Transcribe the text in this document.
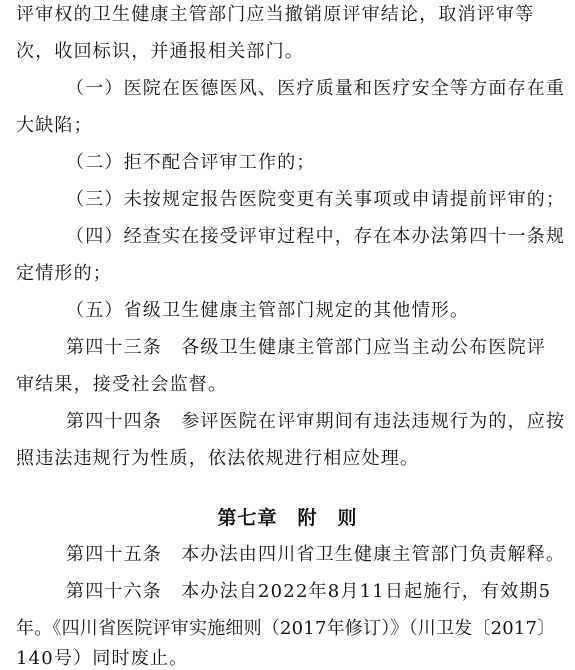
评审权的卫生健康主管部门应当撤销原评审结论，取消评审等
次，收回标识，并通报相关部门。
（一）医院在医德医风、医疗质量和医疗安全等方面存在重
大缺陷；
（二）拒不配合评审工作的；
（三）未按规定报告医院变更有关事项或申请提前评审的；
（四）经查实在接受评审过程中，存在本办法第四十一条规
定情形的；
（五）省级卫生健康主管部门规定的其他情形。
第四十三条　各级卫生健康主管部门应当主动公布医院评
审结果，接受社会监督。
第四十四条　参评医院在评审期间有违法违规行为的，应按
照违法违规行为性质，依法依规进行相应处理。
第七章　附　则
第四十五条　本办法由四川省卫生健康主管部门负责解释。
第四十六条　本办法自2022年8月11日起施行，有效期5
年。《四川省医院评审实施细则（2017年修订）》（川卫发〔2017〕
140号）同时废止。
